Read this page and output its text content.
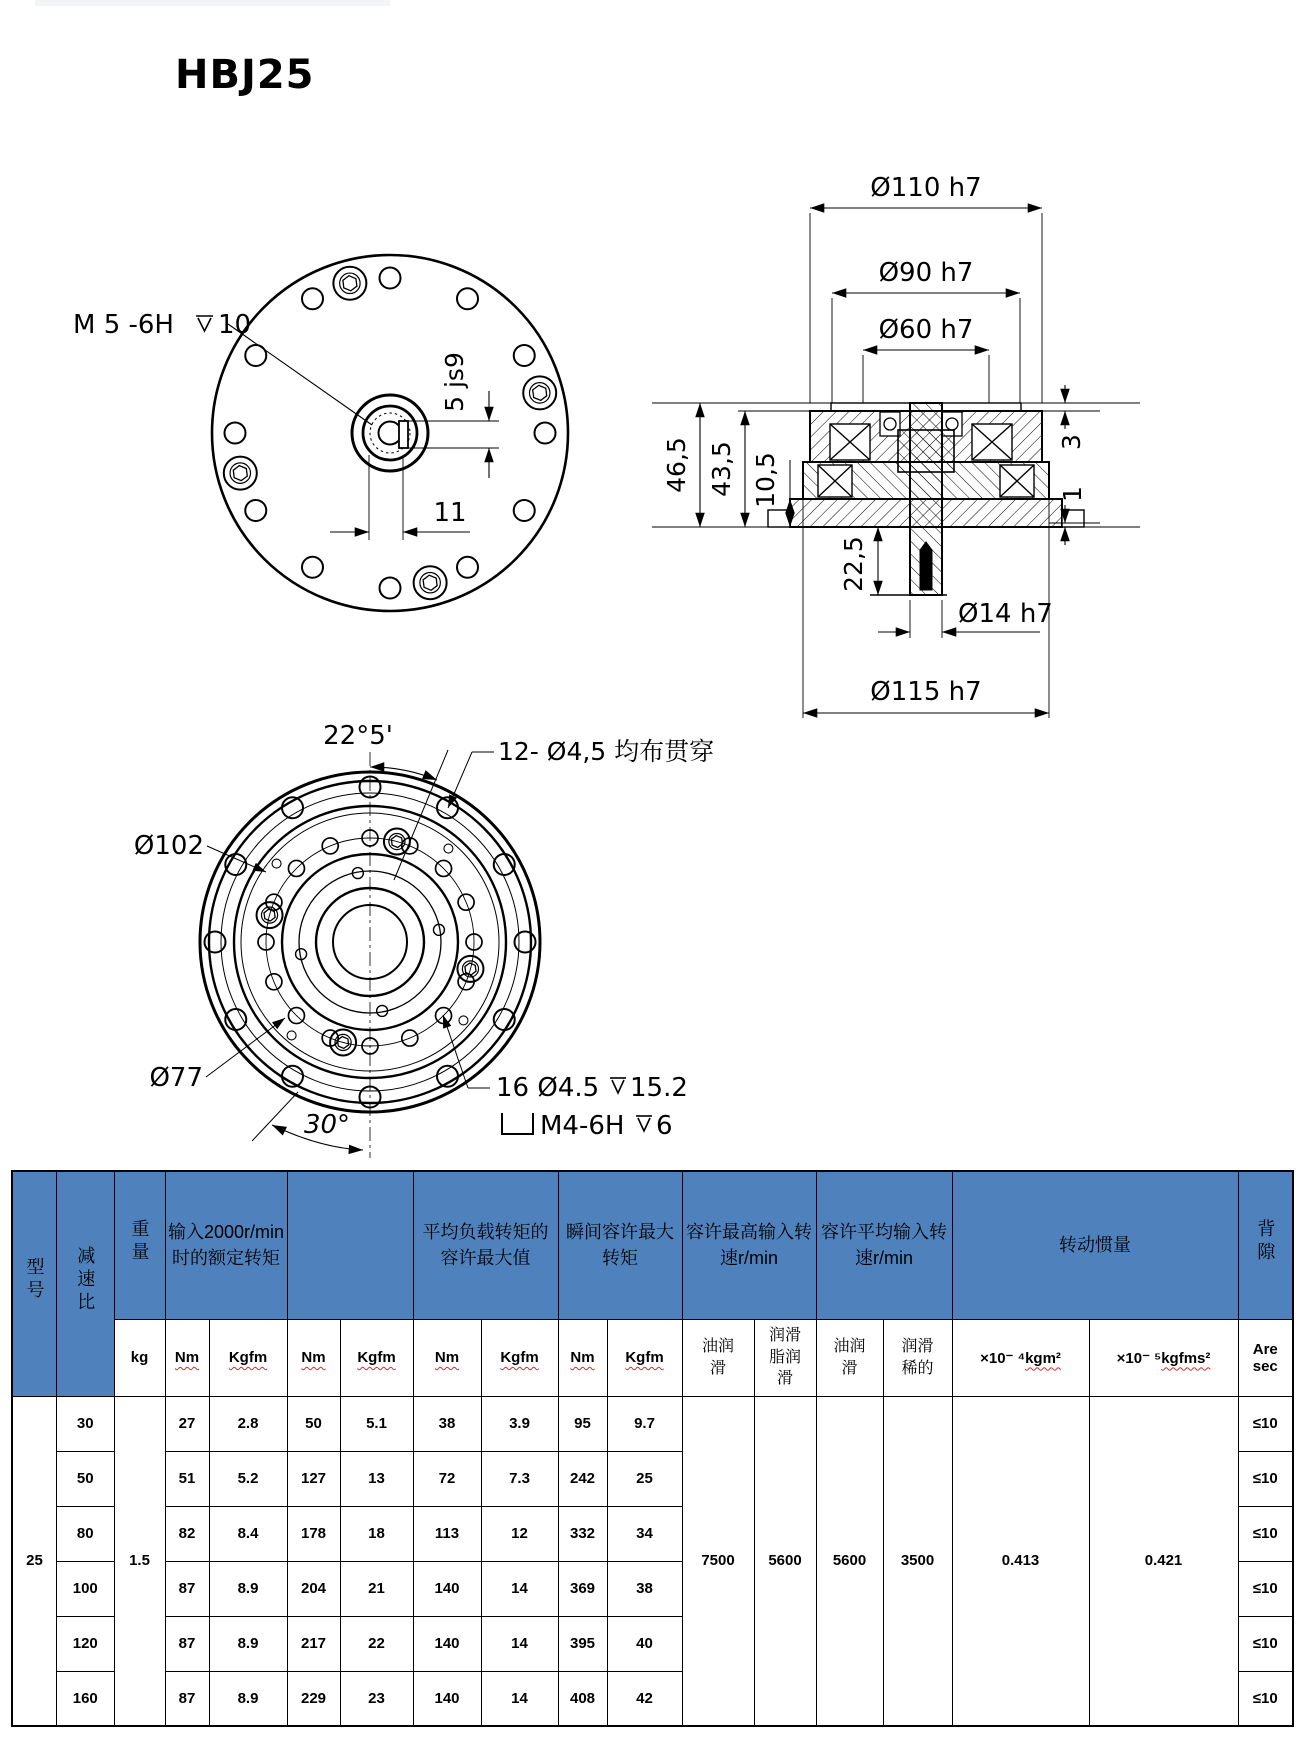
HBJ25
M 5 -6H 10
5 js9
11
Ø110 h7
Ø90 h7
Ø60 h7
46,5 43,5 10,5
3
1
22,5
Ø14 h7
Ø115 h7
22°5'
Ø102
Ø77
12- Ø4,5 均布贯穿
16 Ø4.5 15.2
M4-6H 6
30°
型号	减速比	重量	输入2000r/min时的额定转矩				平均负载转矩的容许最大值		瞬间容许最大转矩		容许最高输入转速r/min		容许平均输入转速r/min		转动惯量		背隙
		kg	Nm	Kgfm	Nm	Kgfm	Nm	Kgfm	Nm	Kgfm	油润滑	润滑脂润滑	油润滑	润滑稀的	×10⁻ ⁴kgm²	×10⁻ ⁵kgfms²	Are sec
25	30	1.5	27	2.8	50	5.1	38	3.9	95	9.7	7500	5600	5600	3500	0.413	0.421	≤10
	50		51	5.2	127	13	72	7.3	242	25							≤10
	80		82	8.4	178	18	113	12	332	34							≤10
	100		87	8.9	204	21	140	14	369	38							≤10
	120		87	8.9	217	22	140	14	395	40							≤10
	160		87	8.9	229	23	140	14	408	42							≤10
